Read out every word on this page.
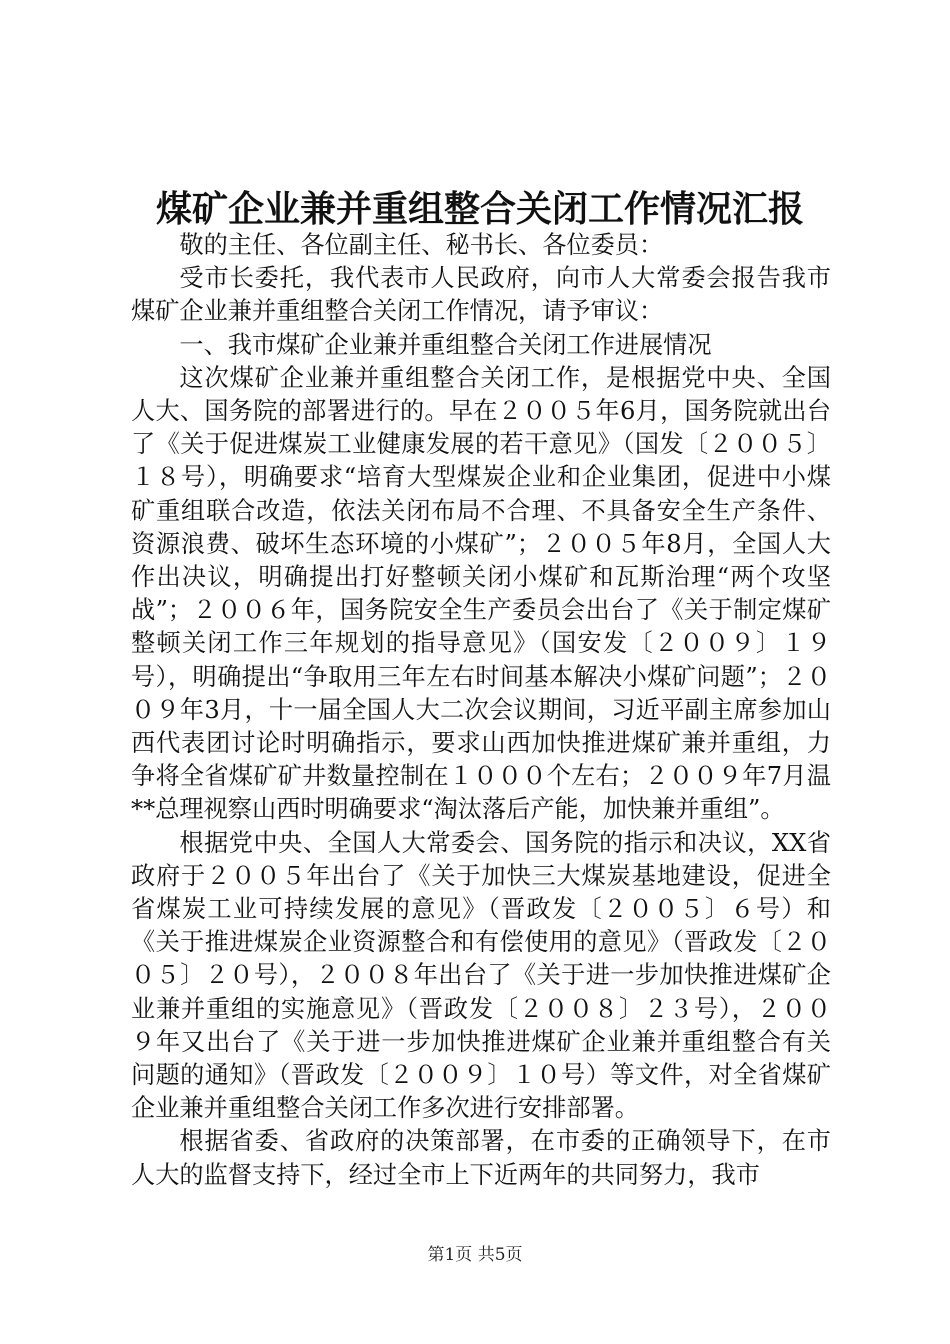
煤矿企业兼并重组整合关闭工作情况汇报

敬的主任、各位副主任、秘书长、各位委员：

受市长委托，我代表市人民政府，向市人大常委会报告我市煤矿企业兼并重组整合关闭工作情况，请予审议：

一、我市煤矿企业兼并重组整合关闭工作进展情况

这次煤矿企业兼并重组整合关闭工作，是根据党中央、全国人大、国务院的部署进行的。早在２００５年6月，国务院就出台了《关于促进煤炭工业健康发展的若干意见》（国发〔２００５〕１８号），明确要求“培育大型煤炭企业和企业集团，促进中小煤矿重组联合改造，依法关闭布局不合理、不具备安全生产条件、资源浪费、破坏生态环境的小煤矿”；２００５年8月，全国人大作出决议，明确提出打好整顿关闭小煤矿和瓦斯治理“两个攻坚战”；２００６年，国务院安全生产委员会出台了《关于制定煤矿整顿关闭工作三年规划的指导意见》（国安发〔２００９〕１９号），明确提出“争取用三年左右时间基本解决小煤矿问题”；２００９年3月，十一届全国人大二次会议期间，习近平副主席参加山西代表团讨论时明确指示，要求山西加快推进煤矿兼并重组，力争将全省煤矿矿井数量控制在１０００个左右；２００９年7月温**总理视察山西时明确要求“淘汰落后产能，加快兼并重组”。

根据党中央、全国人大常委会、国务院的指示和决议，XX省政府于２００５年出台了《关于加快三大煤炭基地建设，促进全省煤炭工业可持续发展的意见》（晋政发〔２００５〕６号）和《关于推进煤炭企业资源整合和有偿使用的意见》（晋政发〔２００５〕２０号），２００８年出台了《关于进一步加快推进煤矿企业兼并重组的实施意见》（晋政发〔２００８〕２３号），２００９年又出台了《关于进一步加快推进煤矿企业兼并重组整合有关问题的通知》（晋政发〔２００９〕１０号）等文件，对全省煤矿企业兼并重组整合关闭工作多次进行安排部署。

根据省委、省政府的决策部署，在市委的正确领导下，在市人大的监督支持下，经过全市上下近两年的共同努力，我市

第1页 共5页
